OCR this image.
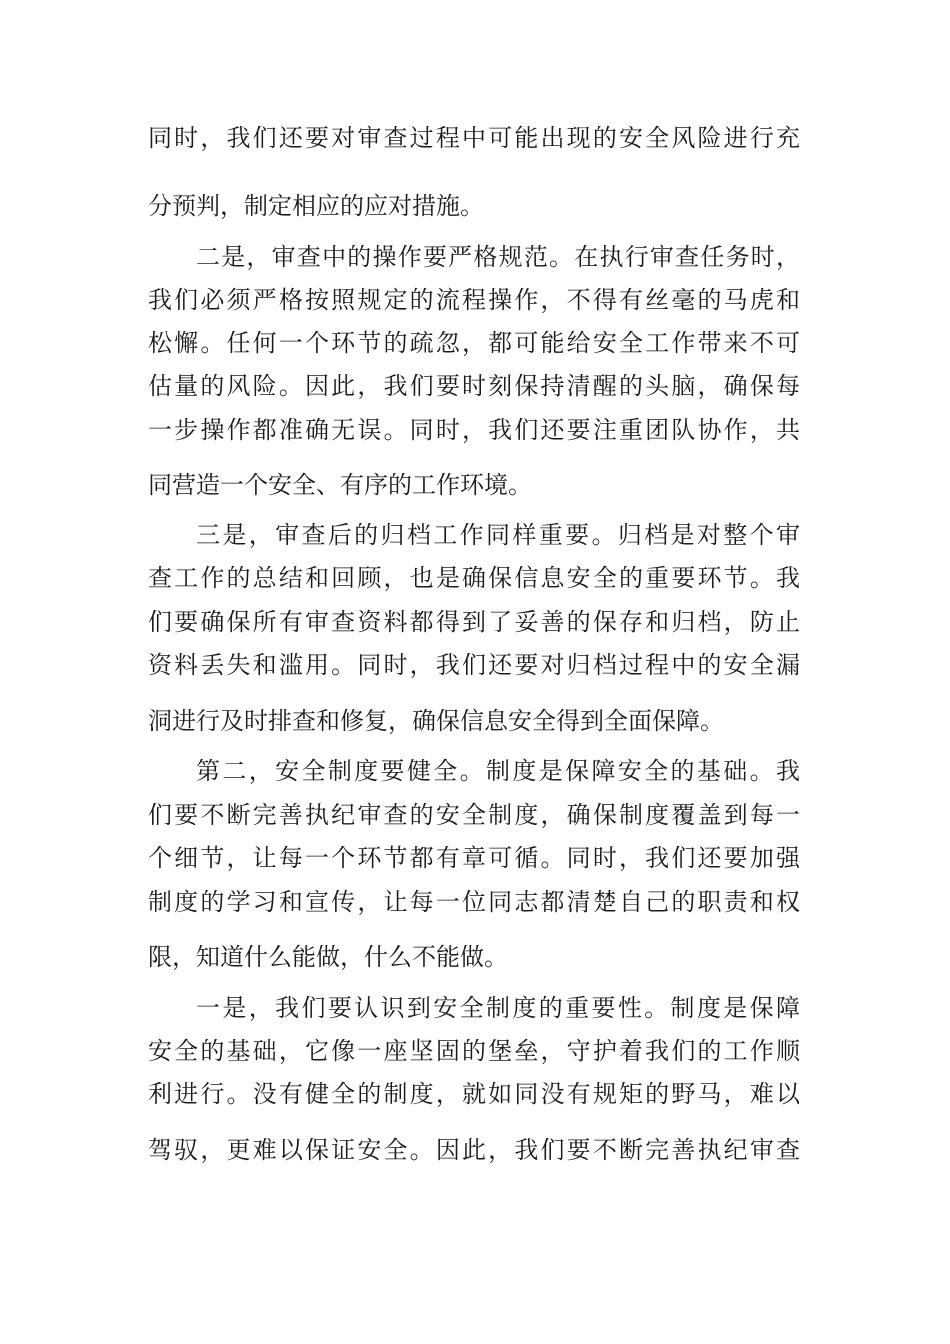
同时，我们还要对审查过程中可能出现的安全风险进行充
分预判，制定相应的应对措施。
二是，审查中的操作要严格规范。在执行审查任务时，
我们必须严格按照规定的流程操作，不得有丝毫的马虎和
松懈。任何一个环节的疏忽，都可能给安全工作带来不可
估量的风险。因此，我们要时刻保持清醒的头脑，确保每
一步操作都准确无误。同时，我们还要注重团队协作，共
同营造一个安全、有序的工作环境。
三是，审查后的归档工作同样重要。归档是对整个审
查工作的总结和回顾，也是确保信息安全的重要环节。我
们要确保所有审查资料都得到了妥善的保存和归档，防止
资料丢失和滥用。同时，我们还要对归档过程中的安全漏
洞进行及时排查和修复，确保信息安全得到全面保障。
第二，安全制度要健全。制度是保障安全的基础。我
们要不断完善执纪审查的安全制度，确保制度覆盖到每一
个细节，让每一个环节都有章可循。同时，我们还要加强
制度的学习和宣传，让每一位同志都清楚自己的职责和权
限，知道什么能做，什么不能做。
一是，我们要认识到安全制度的重要性。制度是保障
安全的基础，它像一座坚固的堡垒，守护着我们的工作顺
利进行。没有健全的制度，就如同没有规矩的野马，难以
驾驭，更难以保证安全。因此，我们要不断完善执纪审查
